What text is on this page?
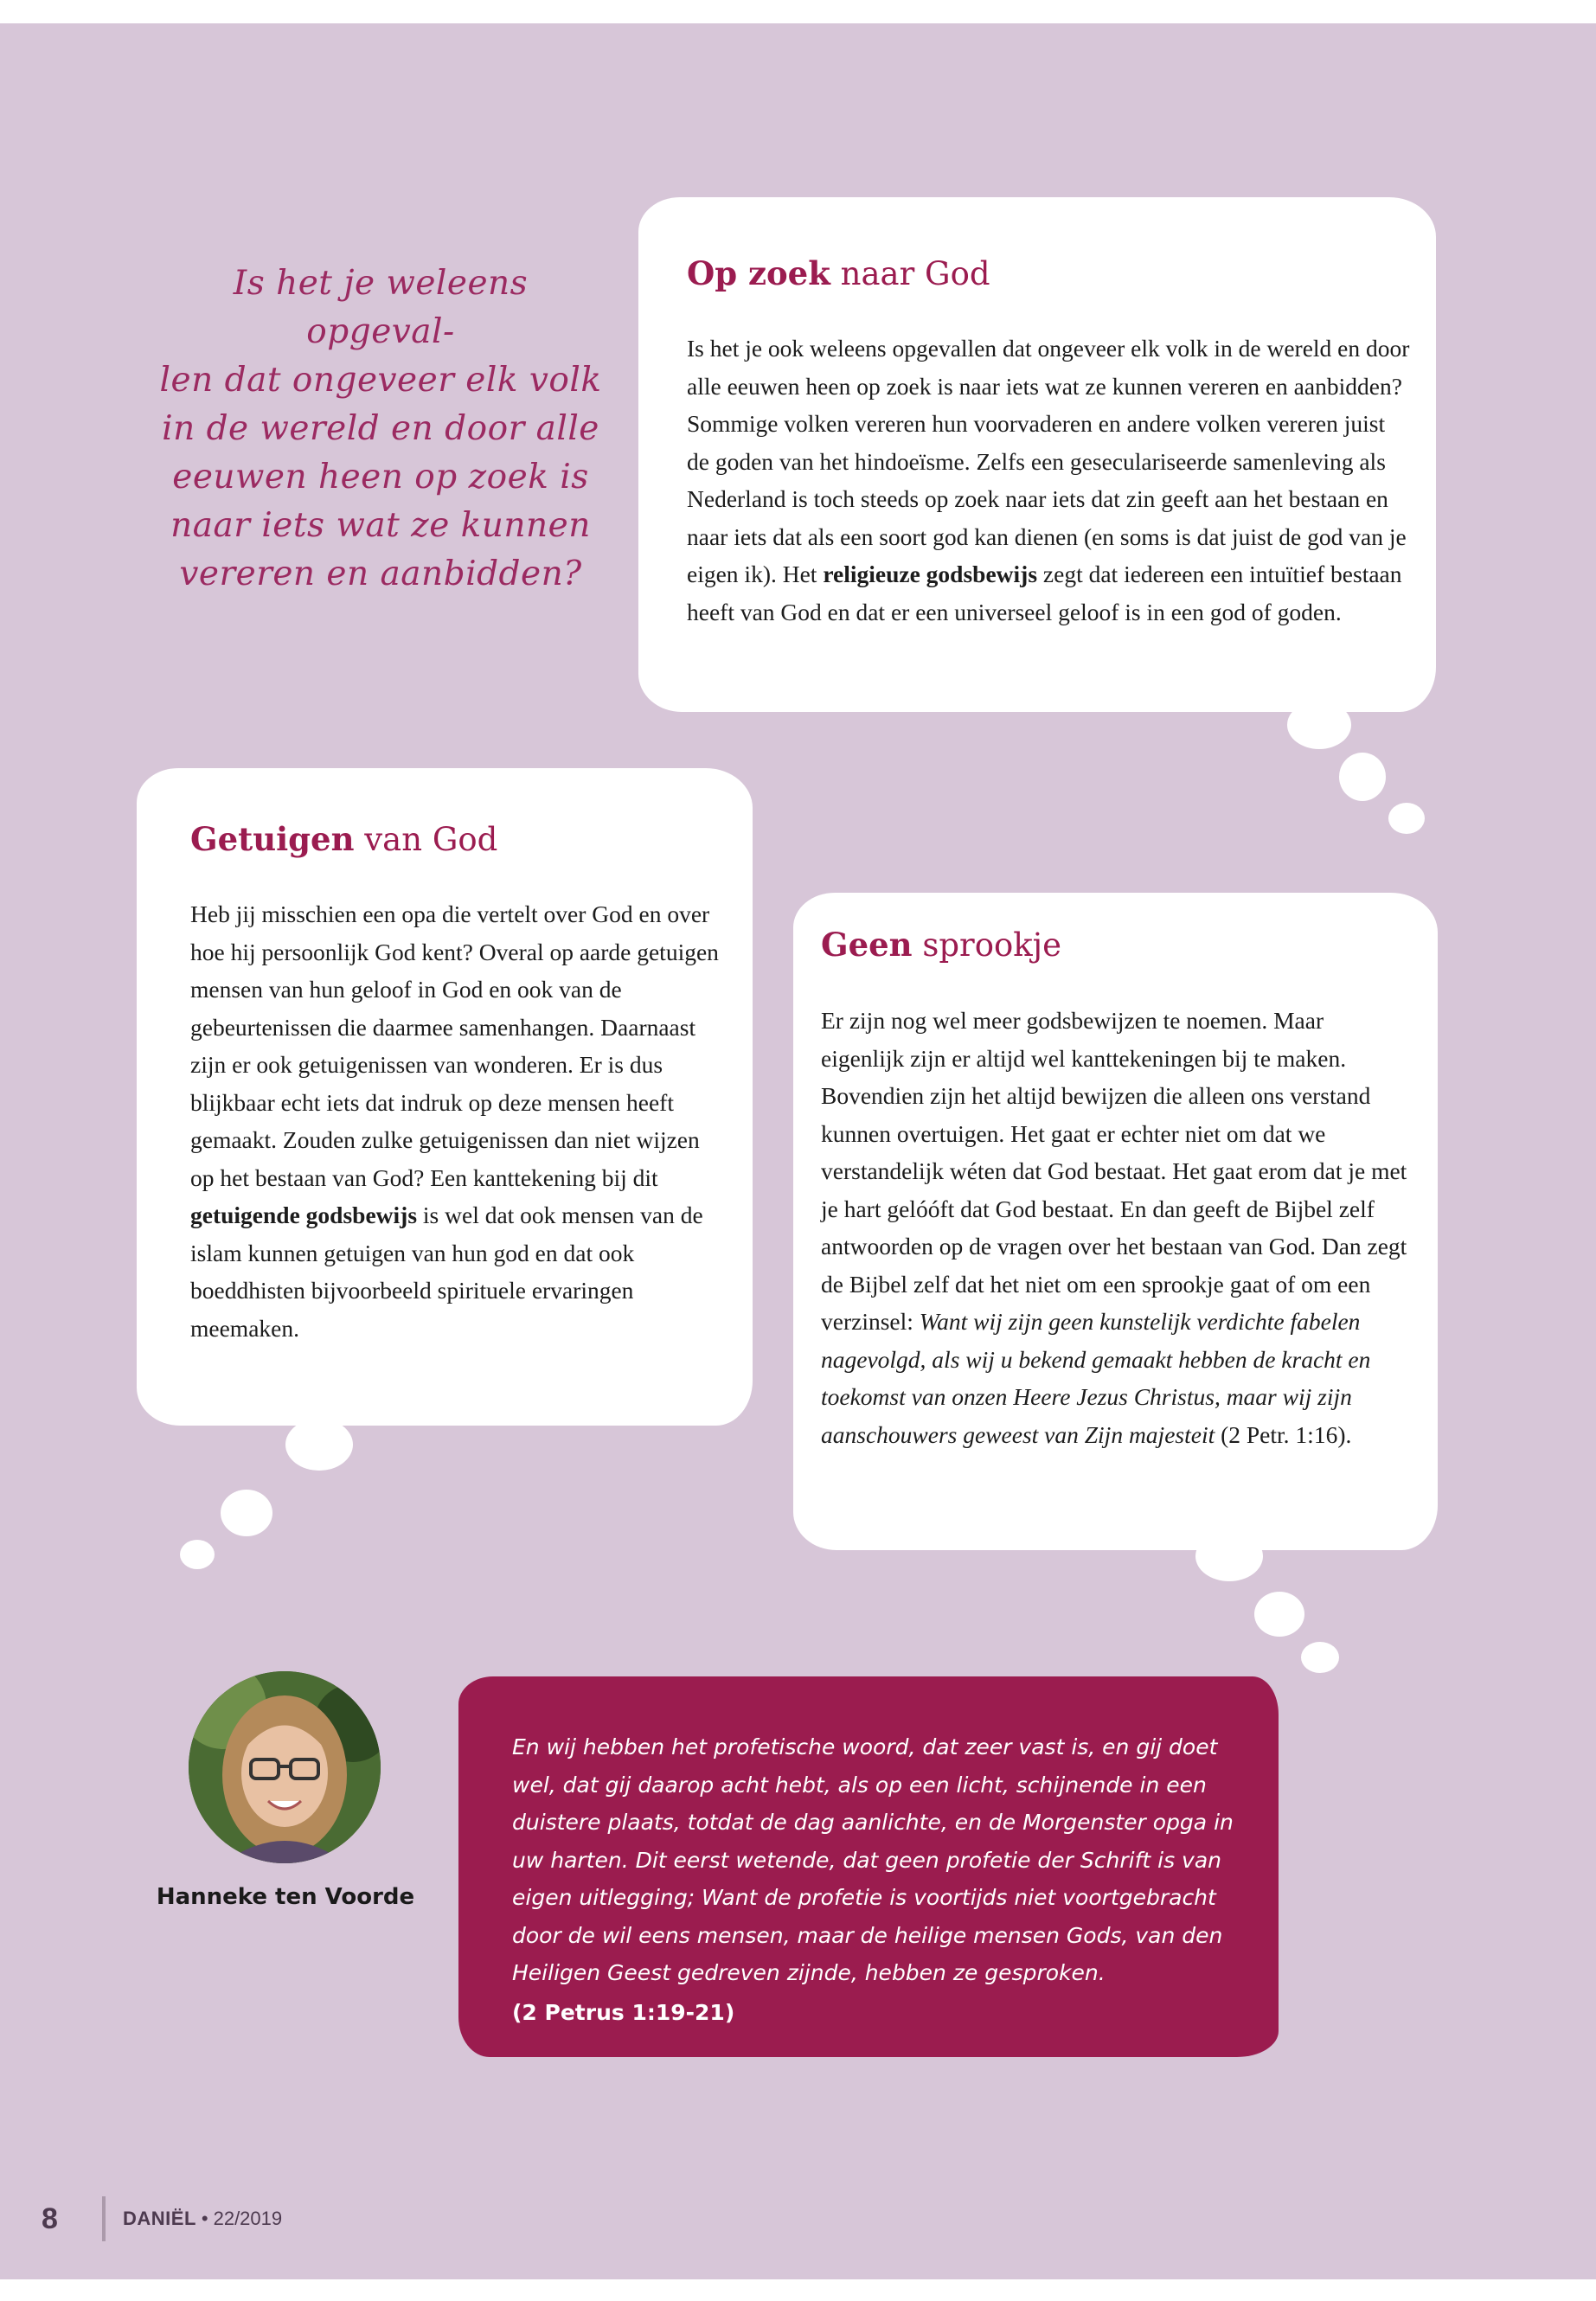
Is het je weleens opgeval-
len dat ongeveer elk volk
in de wereld en door alle
eeuwen heen op zoek is
naar iets wat ze kunnen
vereren en aanbidden?

Op zoek naar God

Is het je ook weleens opgevallen dat ongeveer elk volk in de wereld en door alle eeuwen heen op zoek is naar iets wat ze kunnen vereren en aanbidden? Sommige volken vereren hun voorvaderen en andere volken vereren juist de goden van het hindoeïsme. Zelfs een geseculariseerde samenleving als Nederland is toch steeds op zoek naar iets dat zin geeft aan het bestaan en naar iets dat als een soort god kan dienen (en soms is dat juist de god van je eigen ik). Het religieuze godsbewijs zegt dat iedereen een intuïtief bestaan heeft van God en dat er een universeel geloof is in een god of goden.

Getuigen van God

Heb jij misschien een opa die vertelt over God en over hoe hij persoonlijk God kent? Overal op aarde getuigen mensen van hun geloof in God en ook van de gebeurtenissen die daarmee samenhangen. Daarnaast zijn er ook getuigenissen van wonderen. Er is dus blijkbaar echt iets dat indruk op deze mensen heeft gemaakt. Zouden zulke getuigenissen dan niet wijzen op het bestaan van God? Een kanttekening bij dit getuigende godsbewijs is wel dat ook mensen van de islam kunnen getuigen van hun god en dat ook boeddhisten bijvoorbeeld spirituele ervaringen meemaken.

Geen sprookje

Er zijn nog wel meer godsbewijzen te noemen. Maar eigenlijk zijn er altijd wel kanttekeningen bij te maken. Bovendien zijn het altijd bewijzen die alleen ons verstand kunnen overtuigen. Het gaat er echter niet om dat we verstandelijk wéten dat God bestaat. Het gaat erom dat je met je hart gelóóft dat God bestaat. En dan geeft de Bijbel zelf antwoorden op de vragen over het bestaan van God. Dan zegt de Bijbel zelf dat het niet om een sprookje gaat of om een verzinsel: Want wij zijn geen kunstelijk verdichte fabelen nagevolgd, als wij u bekend gemaakt hebben de kracht en toekomst van onzen Heere Jezus Christus, maar wij zijn aanschouwers geweest van Zijn majesteit (2 Petr. 1:16).

Hanneke ten Voorde

En wij hebben het profetische woord, dat zeer vast is, en gij doet wel, dat gij daarop acht hebt, als op een licht, schijnende in een duistere plaats, totdat de dag aanlichte, en de Morgenster opga in uw harten. Dit eerst wetende, dat geen profetie der Schrift is van eigen uitlegging; Want de profetie is voortijds niet voortgebracht door de wil eens mensen, maar de heilige mensen Gods, van den Heiligen Geest gedreven zijnde, hebben ze gesproken.

(2 Petrus 1:19-21)
8	DANIËL • 22/2019
